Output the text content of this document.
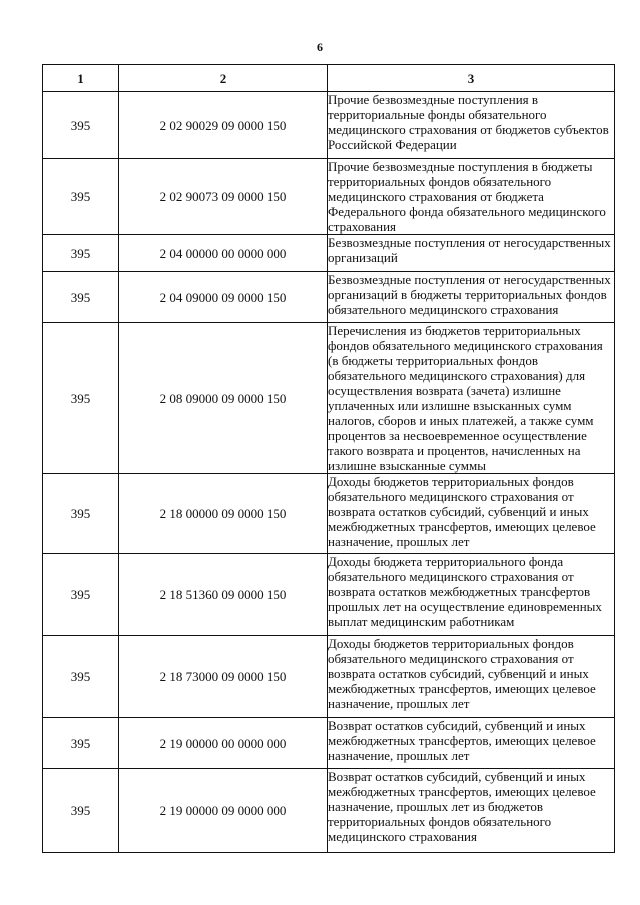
6
1	2	3
395	2 02 90029 09 0000 150	Прочие безвозмездные поступления в территориальные фонды обязательного медицинского страхования от бюджетов субъектов Российской Федерации
395	2 02 90073 09 0000 150	Прочие безвозмездные поступления в бюджеты территориальных фондов обязательного медицинского страхования от бюджета Федерального фонда обязательного медицинского страхования
395	2 04 00000 00 0000 000	Безвозмездные поступления от негосударственных организаций
395	2 04 09000 09 0000 150	Безвозмездные поступления от негосударственных организаций в бюджеты территориальных фондов обязательного медицинского страхования
395	2 08 09000 09 0000 150	Перечисления из бюджетов территориальных фондов обязательного медицинского страхования (в бюджеты территориальных фондов обязательного медицинского страхования) для осуществления возврата (зачета) излишне уплаченных или излишне взысканных сумм налогов, сборов и иных платежей, а также сумм процентов за несвоевременное осуществление такого возврата и процентов, начисленных на излишне взысканные суммы
395	2 18 00000 09 0000 150	Доходы бюджетов территориальных фондов обязательного медицинского страхования от возврата остатков субсидий, субвенций и иных межбюджетных трансфертов, имеющих целевое назначение, прошлых лет
395	2 18 51360 09 0000 150	Доходы бюджета территориального фонда обязательного медицинского страхования от возврата остатков межбюджетных трансфертов прошлых лет на осуществление единовременных выплат медицинским работникам
395	2 18 73000 09 0000 150	Доходы бюджетов территориальных фондов обязательного медицинского страхования от возврата остатков субсидий, субвенций и иных межбюджетных трансфертов, имеющих целевое назначение, прошлых лет
395	2 19 00000 00 0000 000	Возврат остатков субсидий, субвенций и иных межбюджетных трансфертов, имеющих целевое назначение, прошлых лет
395	2 19 00000 09 0000 000	Возврат остатков субсидий, субвенций и иных межбюджетных трансфертов, имеющих целевое назначение, прошлых лет из бюджетов территориальных фондов обязательного медицинского страхования
